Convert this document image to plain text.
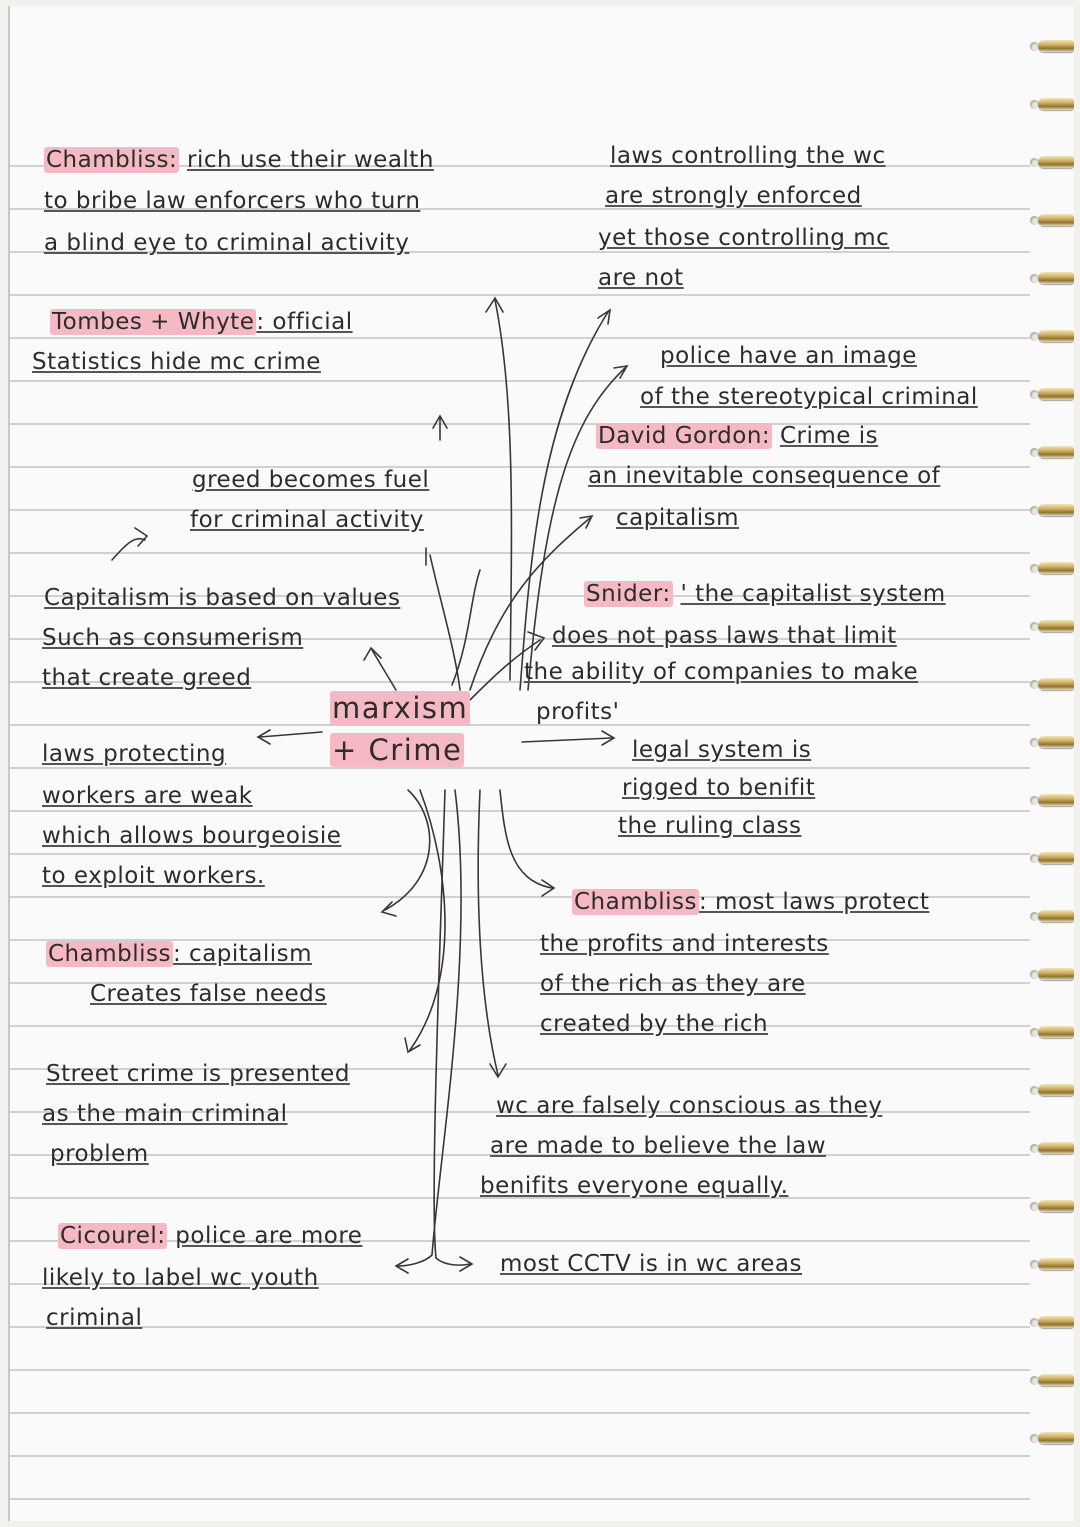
Chambliss: rich use their wealth
to bribe law enforcers who turn
a blind eye to criminal activity
laws controlling the wc
are strongly enforced
yet those controlling mc
are not
Tombes + Whyte: official
Statistics hide mc crime	police have an image
of the stereotypical criminal
David Gordon: Crime is
an inevitable consequence of
capitalism
greed becomes fuel
for criminal activity
Capitalism is based on values
Such as consumerism
that create greed
Snider: ' the capitalist system
does not pass laws that limit
the ability of companies to make
profits'
marxism
+ Crime
laws protecting
workers are weak
which allows bourgeoisie
to exploit workers.
legal system is
rigged to benifit
the ruling class
Chambliss: most laws protect
the profits and interests
of the rich as they are
created by the rich
Chambliss: capitalism
Creates false needs
Street crime is presented
as the main criminal
problem
wc are falsely conscious as they
are made to believe the law
benifits everyone equally.
Cicourel: police are more
likely to label wc youth
criminal
most CCTV is in wc areas
